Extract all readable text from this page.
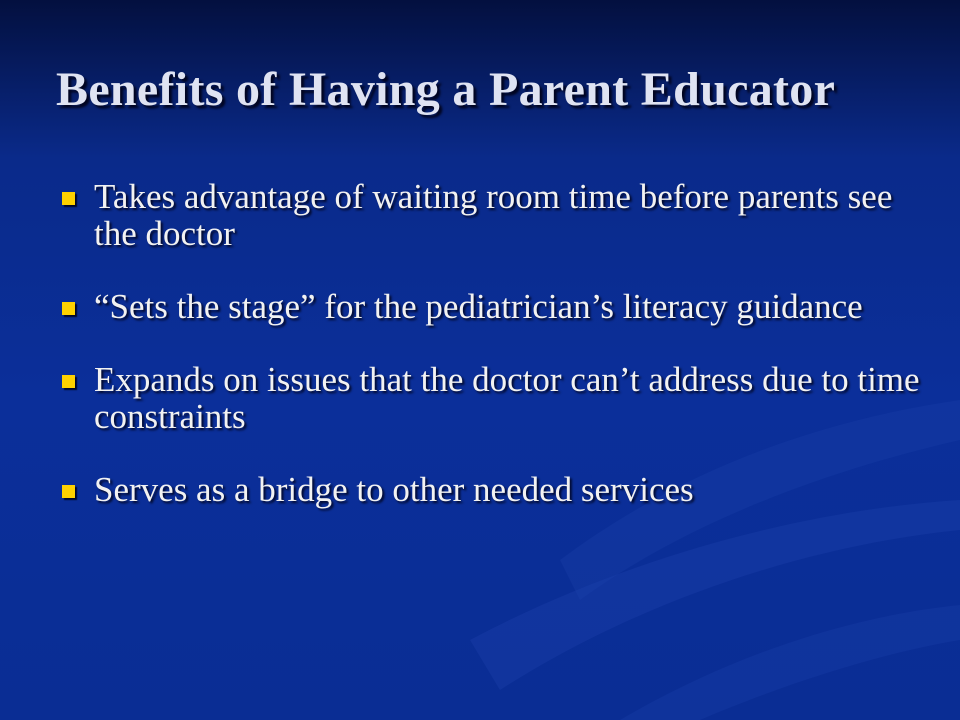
Benefits of Having a Parent Educator
Takes advantage of waiting room time before parents see the doctor
“Sets the stage” for the pediatrician’s literacy guidance
Expands on issues that the doctor can’t address due to time constraints
Serves as a bridge to other needed services
